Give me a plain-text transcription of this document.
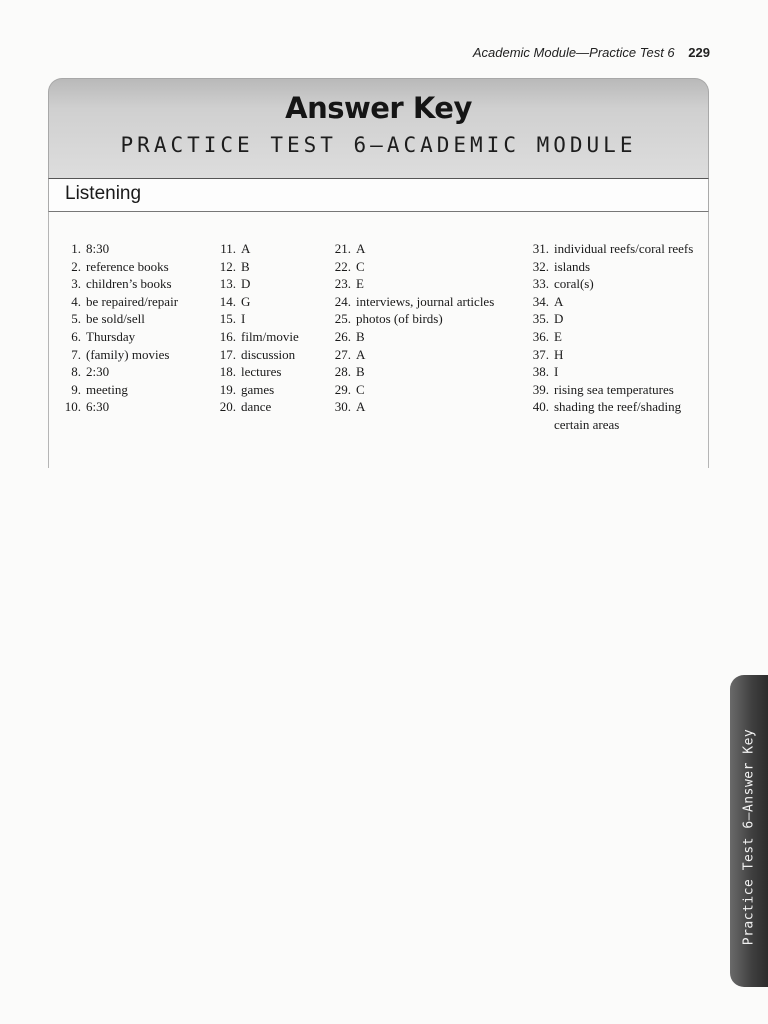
Academic Module—Practice Test 6 229
Answer Key
PRACTICE TEST 6–ACADEMIC MODULE
Listening
1. 8:30
2. reference books
3. children’s books
4. be repaired/repair
5. be sold/sell
6. Thursday
7. (family) movies
8. 2:30
9. meeting
10. 6:30
11. A
12. B
13. D
14. G
15. I
16. film/movie
17. discussion
18. lectures
19. games
20. dance
21. A
22. C
23. E
24. interviews, journal articles
25. photos (of birds)
26. B
27. A
28. B
29. C
30. A
31. individual reefs/coral reefs
32. islands
33. coral(s)
34. A
35. D
36. E
37. H
38. I
39. rising sea temperatures
40. shading the reef/shading certain areas
Practice Test 6–Answer Key
